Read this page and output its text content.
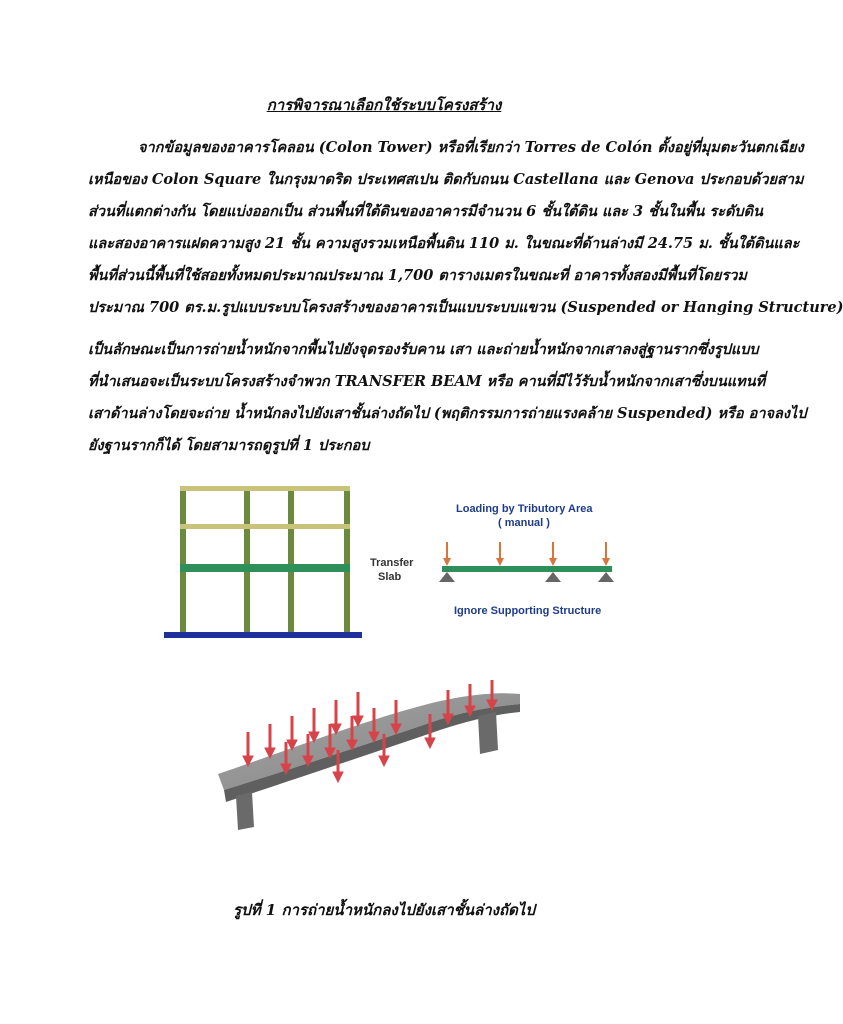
การพิจารณาเลือกใช้ระบบโครงสร้าง
จากข้อมูลของอาคารโคลอน (Colon Tower) หรือที่เรียกว่า Torres de Colón ตั้งอยู่ที่มุมตะวันตกเฉียง
เหนือของ Colon Square ในกรุงมาดริด ประเทศสเปน ติดกับถนน Castellana และ Genova ประกอบด้วยสาม
ส่วนที่แตกต่างกัน โดยแบ่งออกเป็น ส่วนพื้นที่ใต้ดินของอาคารมีจำนวน 6 ชั้นใต้ดิน และ 3 ชั้นในพื้น ระดับดิน
และสองอาคารแฝดความสูง 21 ชั้น ความสูงรวมเหนือพื้นดิน 110 ม. ในขณะที่ด้านล่างมี 24.75 ม. ชั้นใต้ดินและ
พื้นที่ส่วนนี้พื้นที่ใช้สอยทั้งหมดประมาณประมาณ 1,700 ตารางเมตรในขณะที่ อาคารทั้งสองมีพื้นที่โดยรวม
ประมาณ 700 ตร.ม.รูปแบบระบบโครงสร้างของอาคารเป็นแบบระบบแขวน (Suspended or Hanging Structure)
เป็นลักษณะเป็นการถ่ายน้ำหนักจากพื้นไปยังจุดรองรับคาน เสา และถ่ายน้ำหนักจากเสาลงสู่ฐานรากซึ่งรูปแบบ
ที่นำเสนอจะเป็นระบบโครงสร้างจำพวก TRANSFER BEAM หรือ คานที่มีไว้รับน้ำหนักจากเสาซึ่งบนแทนที่
เสาด้านล่างโดยจะถ่าย น้ำหนักลงไปยังเสาชั้นล่างถัดไป (พฤติกรรมการถ่ายแรงคล้าย Suspended) หรือ อาจลงไป
ยังฐานรากก็ได้ โดยสามารถดูรูปที่ 1 ประกอบ
Transfer
Slab
Loading by Tributory Area
( manual )
Ignore Supporting Structure
รูปที่ 1 การถ่ายน้ำหนักลงไปยังเสาชั้นล่างถัดไป
